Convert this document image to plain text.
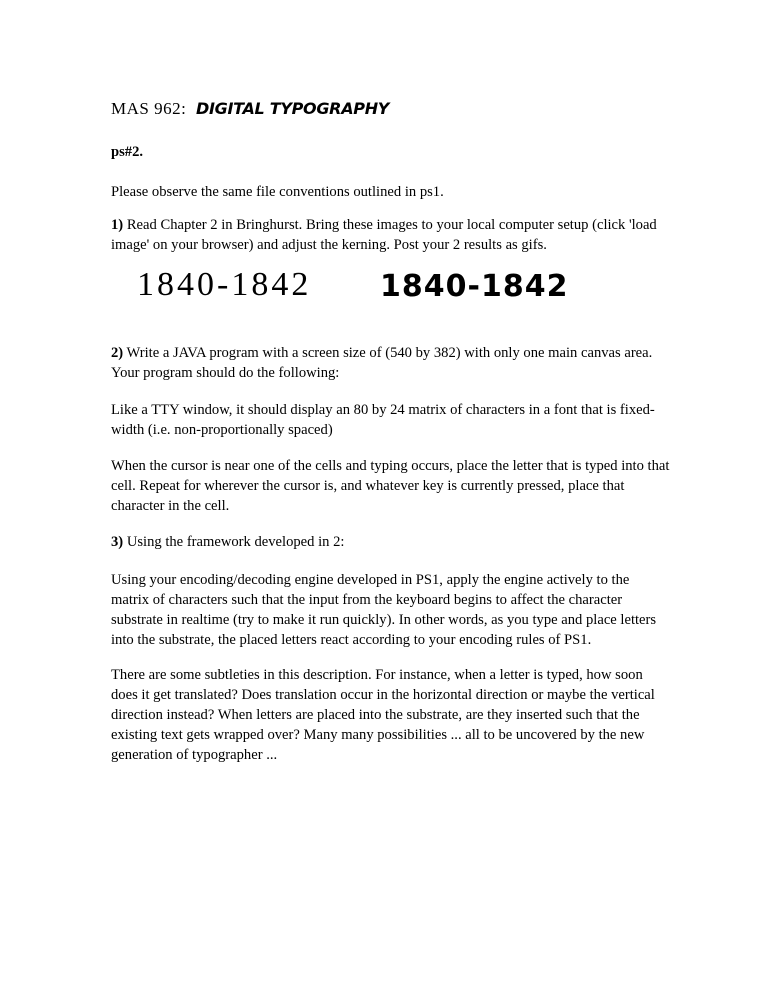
MAS 962: DIGITAL TYPOGRAPHY
ps#2.

Please observe the same file conventions outlined in ps1.

1) Read Chapter 2 in Bringhurst. Bring these images to your local computer setup (click 'load image' on your browser) and adjust the kerning. Post your 2 results as gifs.

1840-1842 1840-1842

2) Write a JAVA program with a screen size of (540 by 382) with only one main canvas area. Your program should do the following:

Like a TTY window, it should display an 80 by 24 matrix of characters in a font that is fixed-width (i.e. non-proportionally spaced)

When the cursor is near one of the cells and typing occurs, place the letter that is typed into that cell. Repeat for wherever the cursor is, and whatever key is currently pressed, place that character in the cell.

3) Using the framework developed in 2:

Using your encoding/decoding engine developed in PS1, apply the engine actively to the matrix of characters such that the input from the keyboard begins to affect the character substrate in realtime (try to make it run quickly). In other words, as you type and place letters into the substrate, the placed letters react according to your encoding rules of PS1.

There are some subtleties in this description. For instance, when a letter is typed, how soon does it get translated? Does translation occur in the horizontal direction or maybe the vertical direction instead? When letters are placed into the substrate, are they inserted such that the existing text gets wrapped over? Many many possibilities ... all to be uncovered by the new generation of typographer ...
